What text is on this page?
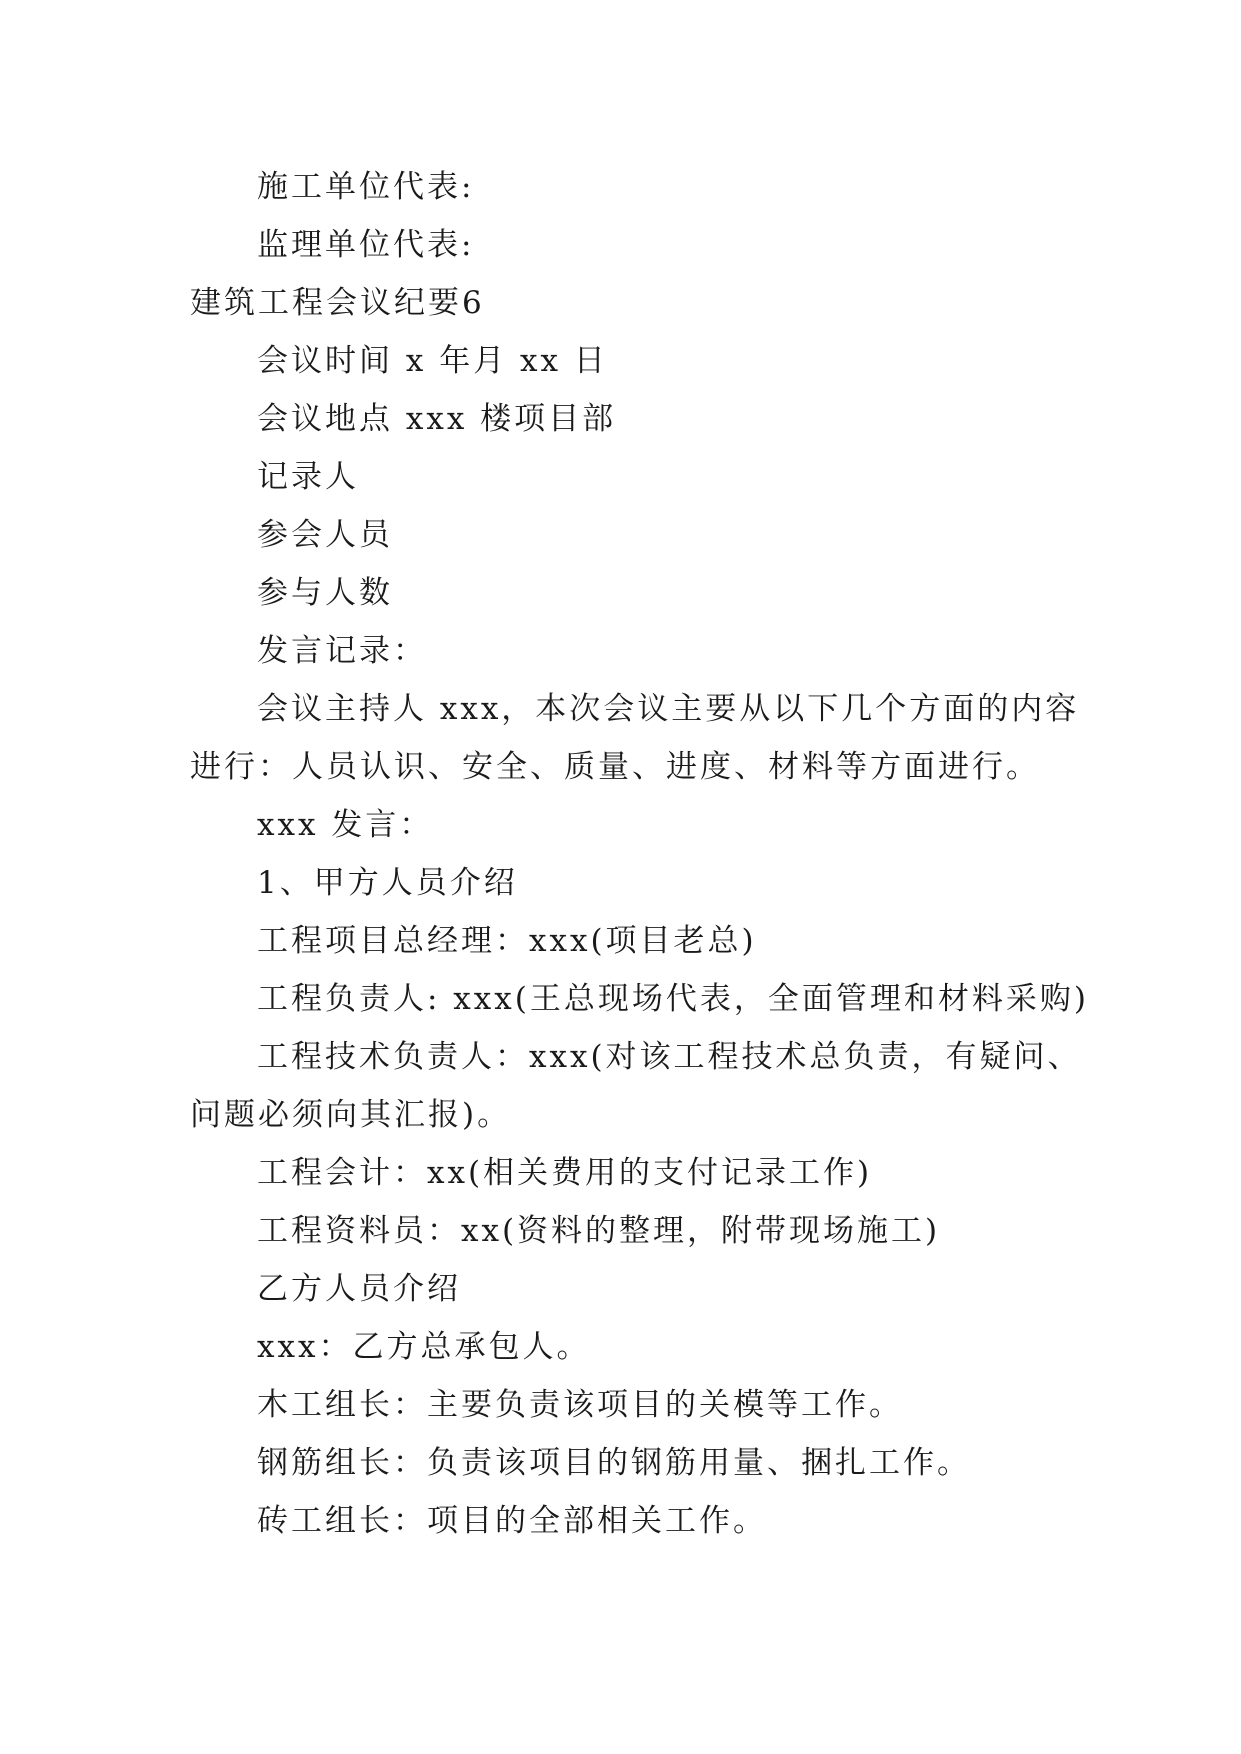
施工单位代表:

监理单位代表:

建筑工程会议纪要6

会议时间 x 年月 xx 日

会议地点 xxx 楼项目部

记录人

参会人员

参与人数

发言记录：

会议主持人 xxx，本次会议主要从以下几个方面的内容

进行：人员认识、安全、质量、进度、材料等方面进行。

xxx 发言：

1、甲方人员介绍

工程项目总经理：xxx(项目老总)

工程负责人: xxx(王总现场代表，全面管理和材料采购)

工程技术负责人：xxx(对该工程技术总负责，有疑问、

问题必须向其汇报)。

工程会计：xx(相关费用的支付记录工作)

工程资料员：xx(资料的整理，附带现场施工)

乙方人员介绍

xxx：乙方总承包人。

木工组长：主要负责该项目的关模等工作。

钢筋组长：负责该项目的钢筋用量、捆扎工作。

砖工组长：项目的全部相关工作。
